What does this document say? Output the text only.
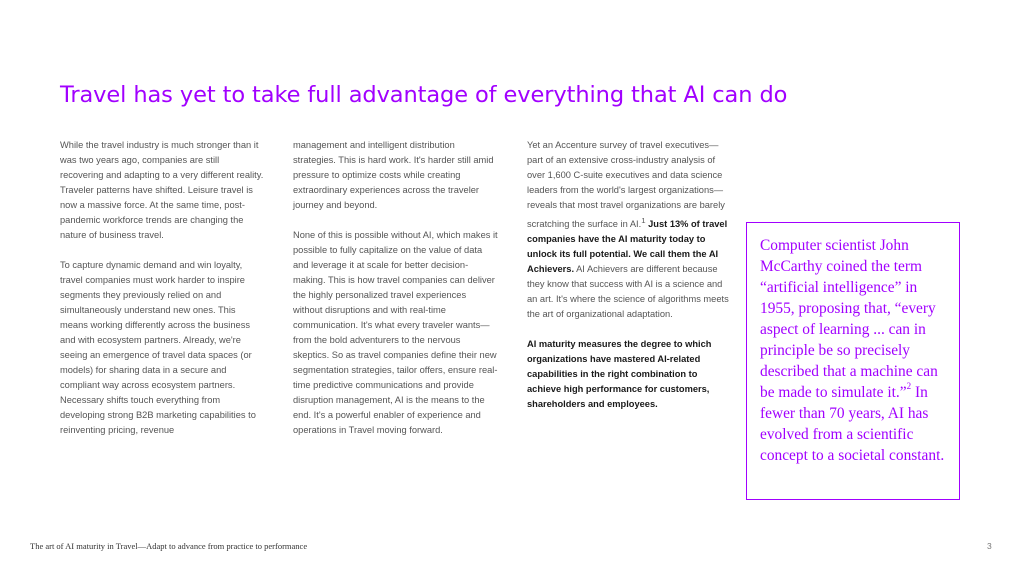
Travel has yet to take full advantage of everything that AI can do

While the travel industry is much stronger than it was two years ago, companies are still recovering and adapting to a very different reality. Traveler patterns have shifted. Leisure travel is now a massive force. At the same time, post-pandemic workforce trends are changing the nature of business travel.

To capture dynamic demand and win loyalty, travel companies must work harder to inspire segments they previously relied on and simultaneously understand new ones. This means working differently across the business and with ecosystem partners. Already, we're seeing an emergence of travel data spaces (or models) for sharing data in a secure and compliant way across ecosystem partners. Necessary shifts touch everything from developing strong B2B marketing capabilities to reinventing pricing, revenue

management and intelligent distribution strategies. This is hard work. It's harder still amid pressure to optimize costs while creating extraordinary experiences across the traveler journey and beyond.

None of this is possible without AI, which makes it possible to fully capitalize on the value of data and leverage it at scale for better decision-making. This is how travel companies can deliver the highly personalized travel experiences without disruptions and with real-time communication. It's what every traveler wants—from the bold adventurers to the nervous skeptics. So as travel companies define their new segmentation strategies, tailor offers, ensure real-time predictive communications and provide disruption management, AI is the means to the end. It's a powerful enabler of experience and operations in Travel moving forward.

Yet an Accenture survey of travel executives—part of an extensive cross-industry analysis of over 1,600 C-suite executives and data science leaders from the world's largest organizations—reveals that most travel organizations are barely scratching the surface in AI.$^1$ Just 13% of travel companies have the AI maturity today to unlock its full potential. We call them the AI Achievers. AI Achievers are different because they know that success with AI is a science and an art. It's where the science of algorithms meets the art of organizational adaptation.

AI maturity measures the degree to which organizations have mastered AI-related capabilities in the right combination to achieve high performance for customers, shareholders and employees.

Computer scientist John McCarthy coined the term “artificial intelligence” in 1955, proposing that, “every aspect of learning ... can in principle be so precisely described that a machine can be made to simulate it.”$^2$ In fewer than 70 years, AI has evolved from a scientific concept to a societal constant.
The art of AI maturity in Travel—Adapt to advance from practice to performance	3
